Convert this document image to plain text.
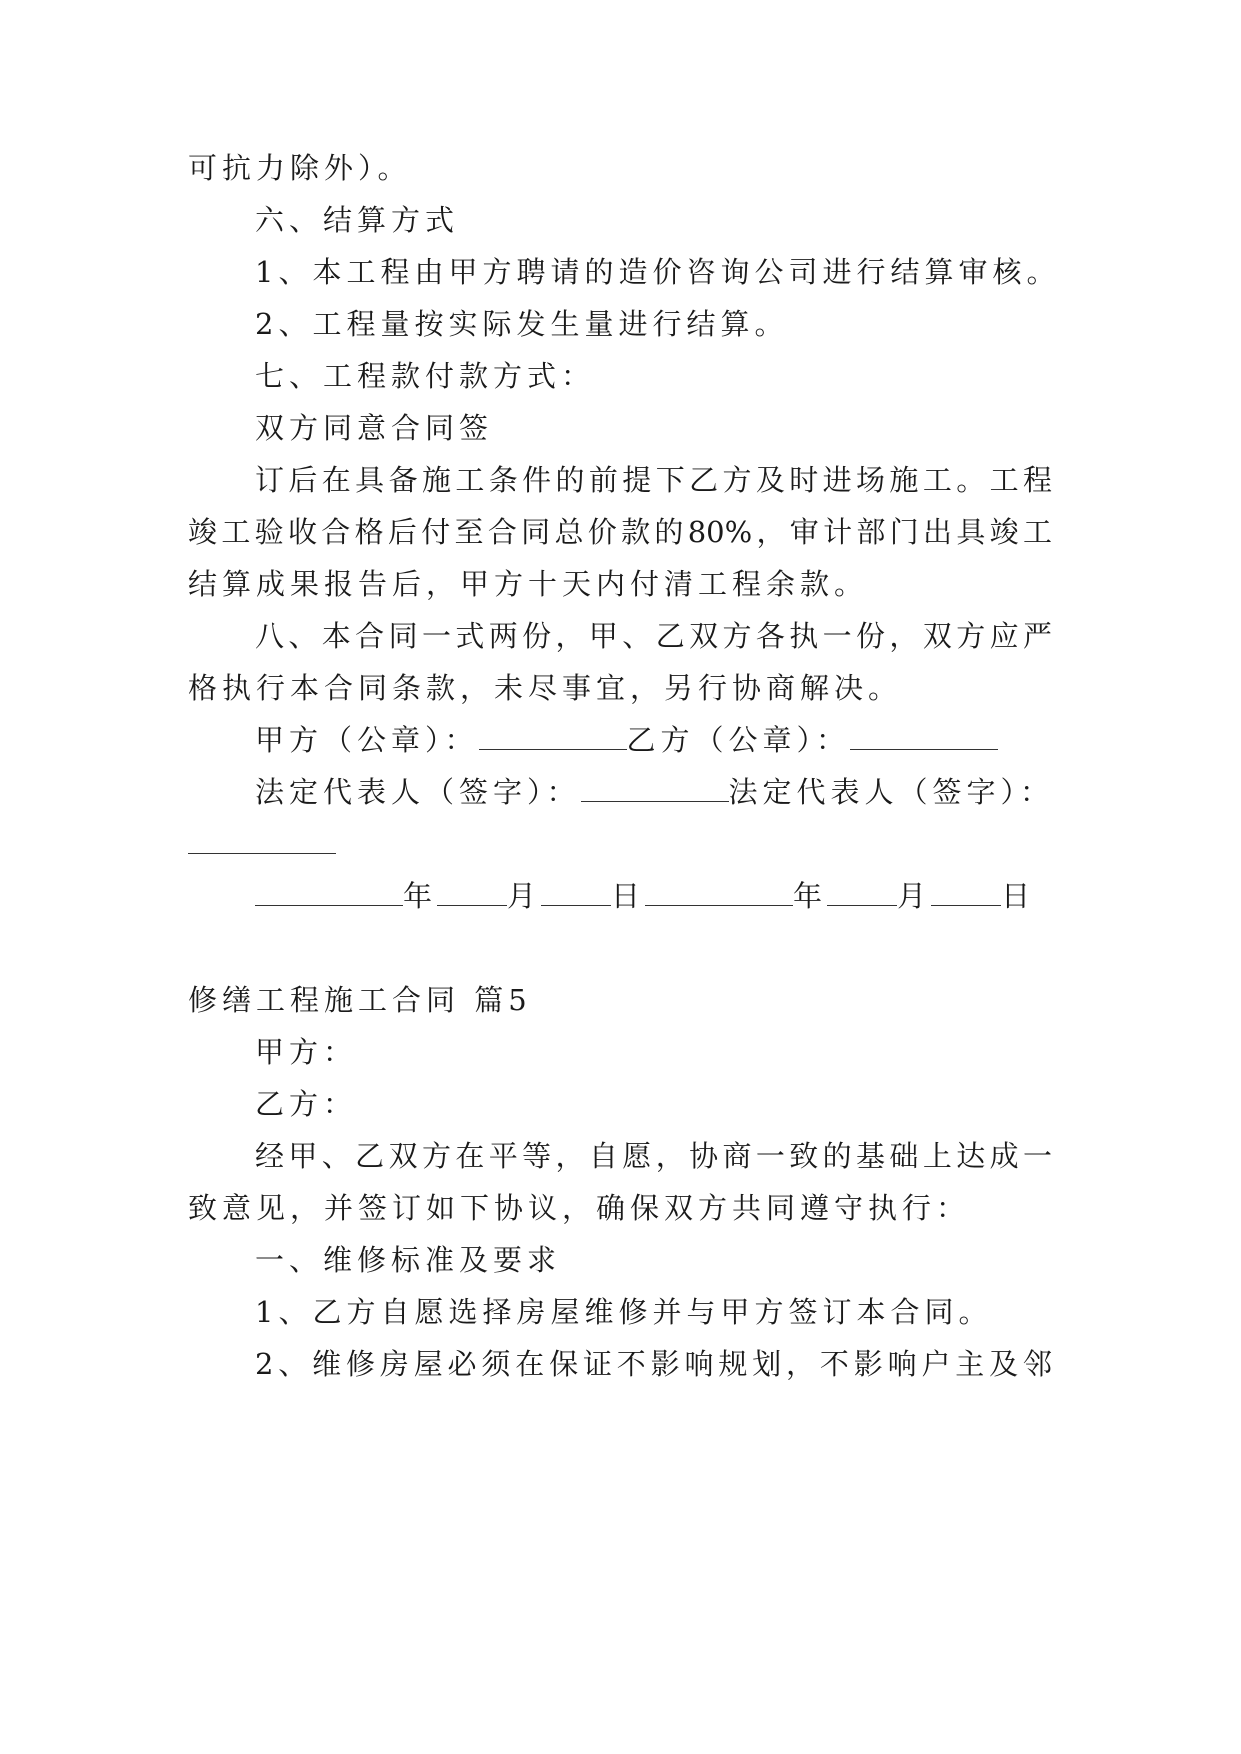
可抗力除外）。
六、结算方式
1、本工程由甲方聘请的造价咨询公司进行结算审核。
2、工程量按实际发生量进行结算。
七、工程款付款方式：
双方同意合同签
订后在具备施工条件的前提下乙方及时进场施工。工程
竣工验收合格后付至合同总价款的80%，审计部门出具竣工
结算成果报告后，甲方十天内付清工程余款。
八、本合同一式两份，甲、乙双方各执一份，双方应严
格执行本合同条款，未尽事宜，另行协商解决。
甲方（公章）：	乙方（公章）：
法定代表人（签字）：	法定代表人（签字）：
年 月 日	年 月 日
修缮工程施工合同 篇5
甲方：
乙方：
经甲、乙双方在平等，自愿，协商一致的基础上达成一
致意见，并签订如下协议，确保双方共同遵守执行：
一、维修标准及要求
1、乙方自愿选择房屋维修并与甲方签订本合同。
2、维修房屋必须在保证不影响规划，不影响户主及邻
